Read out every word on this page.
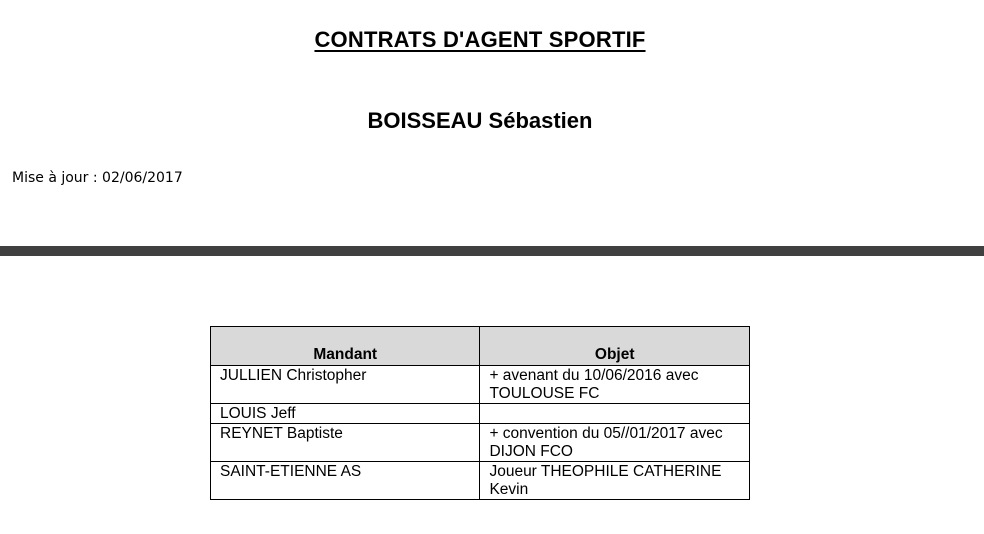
CONTRATS D'AGENT SPORTIF
BOISSEAU Sébastien
Mise à jour : 02/06/2017
Mandant	Objet
JULLIEN Christopher	+ avenant du 10/06/2016 avec TOULOUSE FC
LOUIS Jeff	
REYNET Baptiste	+ convention du 05//01/2017 avec DIJON FCO
SAINT-ETIENNE AS	Joueur THEOPHILE CATHERINE Kevin
